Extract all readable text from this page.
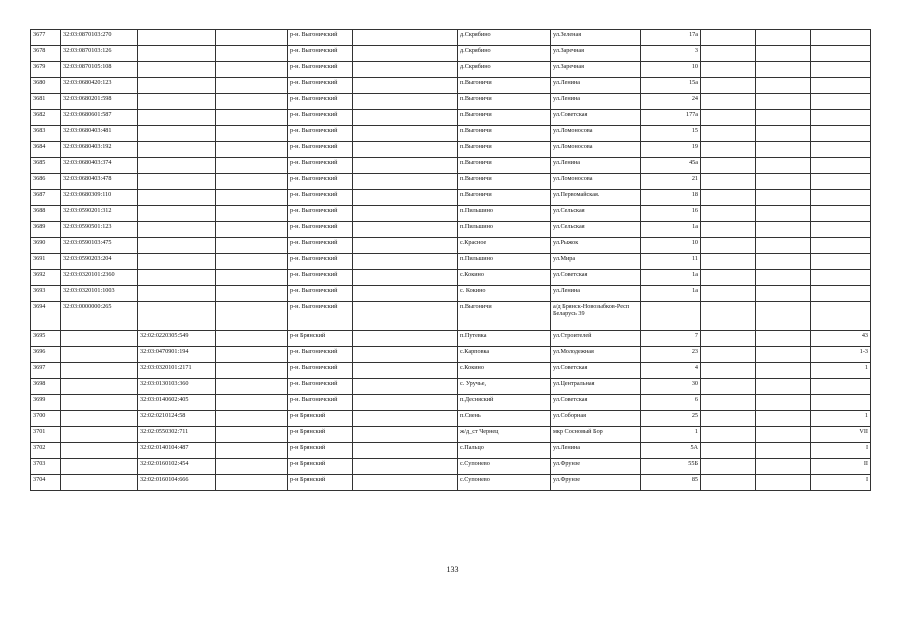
3677	32:03:0870103:270			р-н. Выгоничский		д.Скрябино	ул.Зеленая	17а			
3678	32:03:0870103:126			р-н. Выгоничский		д.Скрябино	ул.Заречная	3			
3679	32:03:0870105:108			р-н. Выгоничский		д.Скрябино	ул.Заречная	10			
3680	32:03:0680420:123			р-н. Выгоничский		п.Выгоничи	ул.Ленина	15а			
3681	32:03:0680201:598			р-н. Выгоничский		п.Выгоничи	ул.Ленина	24			
3682	32:03:0680601:587			р-н. Выгоничский		п.Выгоничи	ул.Советская	177а			
3683	32:03:0680403:481			р-н. Выгоничский		п.Выгоничи	ул.Ломоносова	15			
3684	32:03:0680403:192			р-н. Выгоничский		п.Выгоничи	ул.Ломоносова	19			
3685	32:03:0680403:374			р-н. Выгоничский		п.Выгоничи	ул.Ленина	45а			
3686	32:03:0680403:478			р-н. Выгоничский		п.Выгоничи	ул.Ломоносова	21			
3687	32:03:0680309:110			р-н. Выгоничский		п.Выгоничи	ул.Первомайская.	18			
3688	32:03:0590201:312			р-н. Выгоничский		п.Пильшино	ул.Сельская	16			
3689	32:03:0590501:123			р-н. Выгоничский		п.Пильшино	ул.Сельская	1а			
3690	32:03:0590103:475			р-н. Выгоничский		с.Красное	ул.Рыжок	10			
3691	32:03:0590203:204			р-н. Выгоничский		п.Пильшино	ул.Мира	11			
3692	32:03:0320101:2360			р-н. Выгоничский		с.Кокино	ул.Советская	1а			
3693	32:03:0320101:1003			р-н. Выгоничский		с. Кокино	ул.Ленина	1а			
3694	32:03:0000000:265			р-н. Выгоничский		п.Выгоничи	а/д Брянск-Новозыбков-Респ Беларусь 39				
3695		32:02:0220305:549		р-н Брянский		п.Путевка	ул.Строителей	7			43
3696		32:03:0470901:194		р-н. Выгоничский		с.Карповка	ул.Молодежная	23			1-3
3697		32:03:0320101:2171		р-н. Выгоничский		с.Кокино	ул.Советская	4			1
3698		32:03:0130103:360		р-н. Выгоничский		с. Уручье,	ул.Центральная	30			
3699		32:03:0140602:405		р-н. Выгоничский		п.Десняский	ул.Советская	6			
3700		32:02:0210124:58		р-н Брянский		п.Свень	ул.Соборная	25			1
3701		32:02:0550302:711		р-н Брянский		ж/д_ст Чернец	мкр Сосновый Бор	1			VII
3702		32:02:0140104:487		р-н Брянский		с.Пальцо	ул.Ленина	5А			I
3703		32:02:0160102:454		р-н Брянский		с.Супонево	ул.Фрунзе	55Б			II
3704		32:02:0160104:666		р-н Брянский		с.Супонево	ул.Фрунзе	85			I
133
